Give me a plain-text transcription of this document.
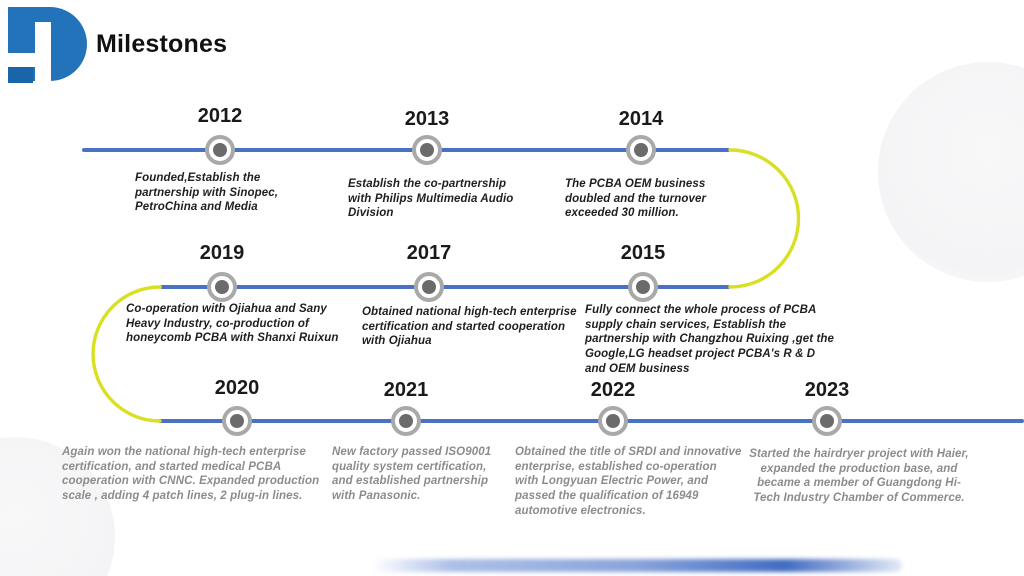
Milestones
2012
Founded,Establish the partnership with Sinopec, PetroChina and Media
2013
Establish the co-partnership with Philips Multimedia Audio Division
2014
The PCBA OEM business doubled and the turnover exceeded 30 million.
2019
Co-operation with Ojiahua and Sany Heavy Industry, co-production of honeycomb PCBA with Shanxi Ruixun
2017
Obtained national high-tech enterprise certification and started cooperation with Ojiahua
2015
Fully connect the whole process of PCBA supply chain services, Establish the partnership with Changzhou Ruixing ,get the Google,LG headset project PCBA's R & D and OEM business
2020
Again won the national high-tech enterprise certification, and started medical PCBA cooperation with CNNC. Expanded production scale , adding 4 patch lines, 2 plug-in lines.
2021
New factory passed ISO9001 quality system certification, and established partnership with Panasonic.
2022
Obtained the title of SRDI and innovative enterprise, established co-operation with Longyuan Electric Power, and passed the qualification of 16949 automotive electronics.
2023
Started the hairdryer project with Haier, expanded the production base, and became a member of Guangdong Hi-Tech Industry Chamber of Commerce.
